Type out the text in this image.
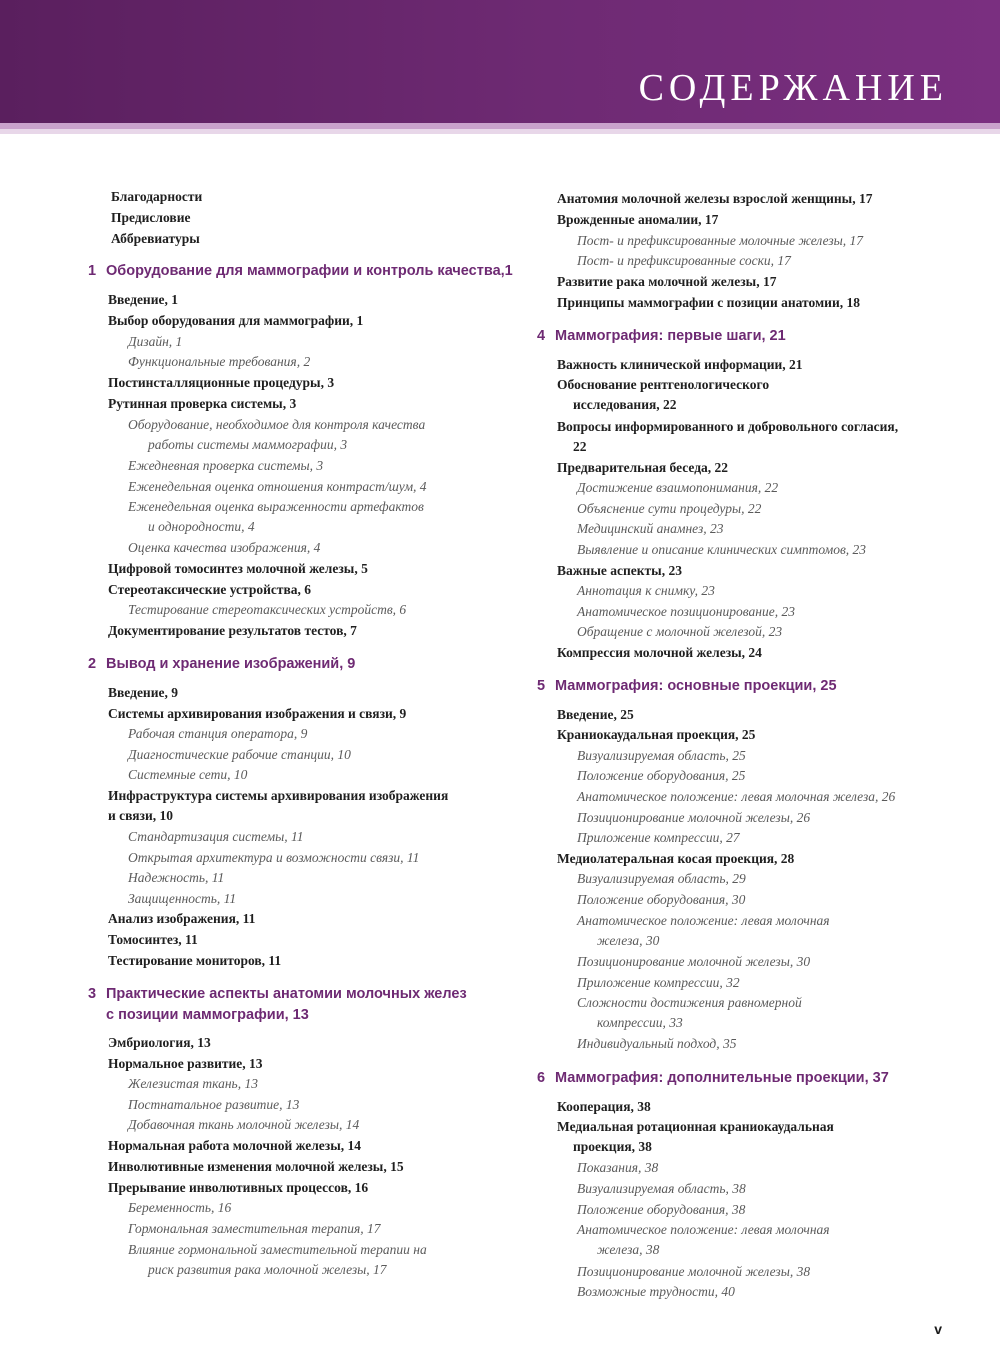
СОДЕРЖАНИЕ
Благодарности
Предисловие
Аббревиатуры
1 Оборудование для маммографии и контроль качества,1
Введение, 1
Выбор оборудования для маммографии, 1
Дизайн, 1
Функциональные требования, 2
Постинсталляционные процедуры, 3
Рутинная проверка системы, 3
Оборудование, необходимое для контроля качества
работы системы маммографии, 3
Ежедневная проверка системы, 3
Еженедельная оценка отношения контраст/шум, 4
Еженедельная оценка выраженности артефактов
и однородности, 4
Оценка качества изображения, 4
Цифровой томосинтез молочной железы, 5
Стереотаксические устройства, 6
Тестирование стереотаксических устройств, 6
Документирование результатов тестов, 7
2 Вывод и хранение изображений, 9
Введение, 9
Системы архивирования изображения и связи, 9
Рабочая станция оператора, 9
Диагностические рабочие станции, 10
Системные сети, 10
Инфраструктура системы архивирования изображения
и связи, 10
Стандартизация системы, 11
Открытая архитектура и возможности связи, 11
Надежность, 11
Защищенность, 11
Анализ изображения, 11
Томосинтез, 11
Тестирование мониторов, 11
3 Практические аспекты анатомии молочных желез
с позиции маммографии, 13
Эмбриология, 13
Нормальное развитие, 13
Железистая ткань, 13
Постнатальное развитие, 13
Добавочная ткань молочной железы, 14
Нормальная работа молочной железы, 14
Инволютивные изменения молочной железы, 15
Прерывание инволютивных процессов, 16
Беременность, 16
Гормональная заместительная терапия, 17
Влияние гормональной заместительной терапии на
риск развития рака молочной железы, 17
Анатомия молочной железы взрослой женщины, 17
Врожденные аномалии, 17
Пост- и префиксированные молочные железы, 17
Пост- и префиксированные соски, 17
Развитие рака молочной железы, 17
Принципы маммографии с позиции анатомии, 18
4 Маммография: первые шаги, 21
Важность клинической информации, 21
Обоснование рентгенологического
исследования, 22
Вопросы информированного и добровольного согласия,
22
Предварительная беседа, 22
Достижение взаимопонимания, 22
Объяснение сути процедуры, 22
Медицинский анамнез, 23
Выявление и описание клинических симптомов, 23
Важные аспекты, 23
Аннотация к снимку, 23
Анатомическое позиционирование, 23
Обращение с молочной железой, 23
Компрессия молочной железы, 24
5 Маммография: основные проекции, 25
Введение, 25
Краниокаудальная проекция, 25
Визуализируемая область, 25
Положение оборудования, 25
Анатомическое положение: левая молочная железа, 26
Позиционирование молочной железы, 26
Приложение компрессии, 27
Медиолатеральная косая проекция, 28
Визуализируемая область, 29
Положение оборудования, 30
Анатомическое положение: левая молочная
железа, 30
Позиционирование молочной железы, 30
Приложение компрессии, 32
Сложности достижения равномерной
компрессии, 33
Индивидуальный подход, 35
6 Маммография: дополнительные проекции, 37
Кооперация, 38
Медиальная ротационная краниокаудальная
проекция, 38
Показания, 38
Визуализируемая область, 38
Положение оборудования, 38
Анатомическое положение: левая молочная
железа, 38
Позиционирование молочной железы, 38
Возможные трудности, 40
v
